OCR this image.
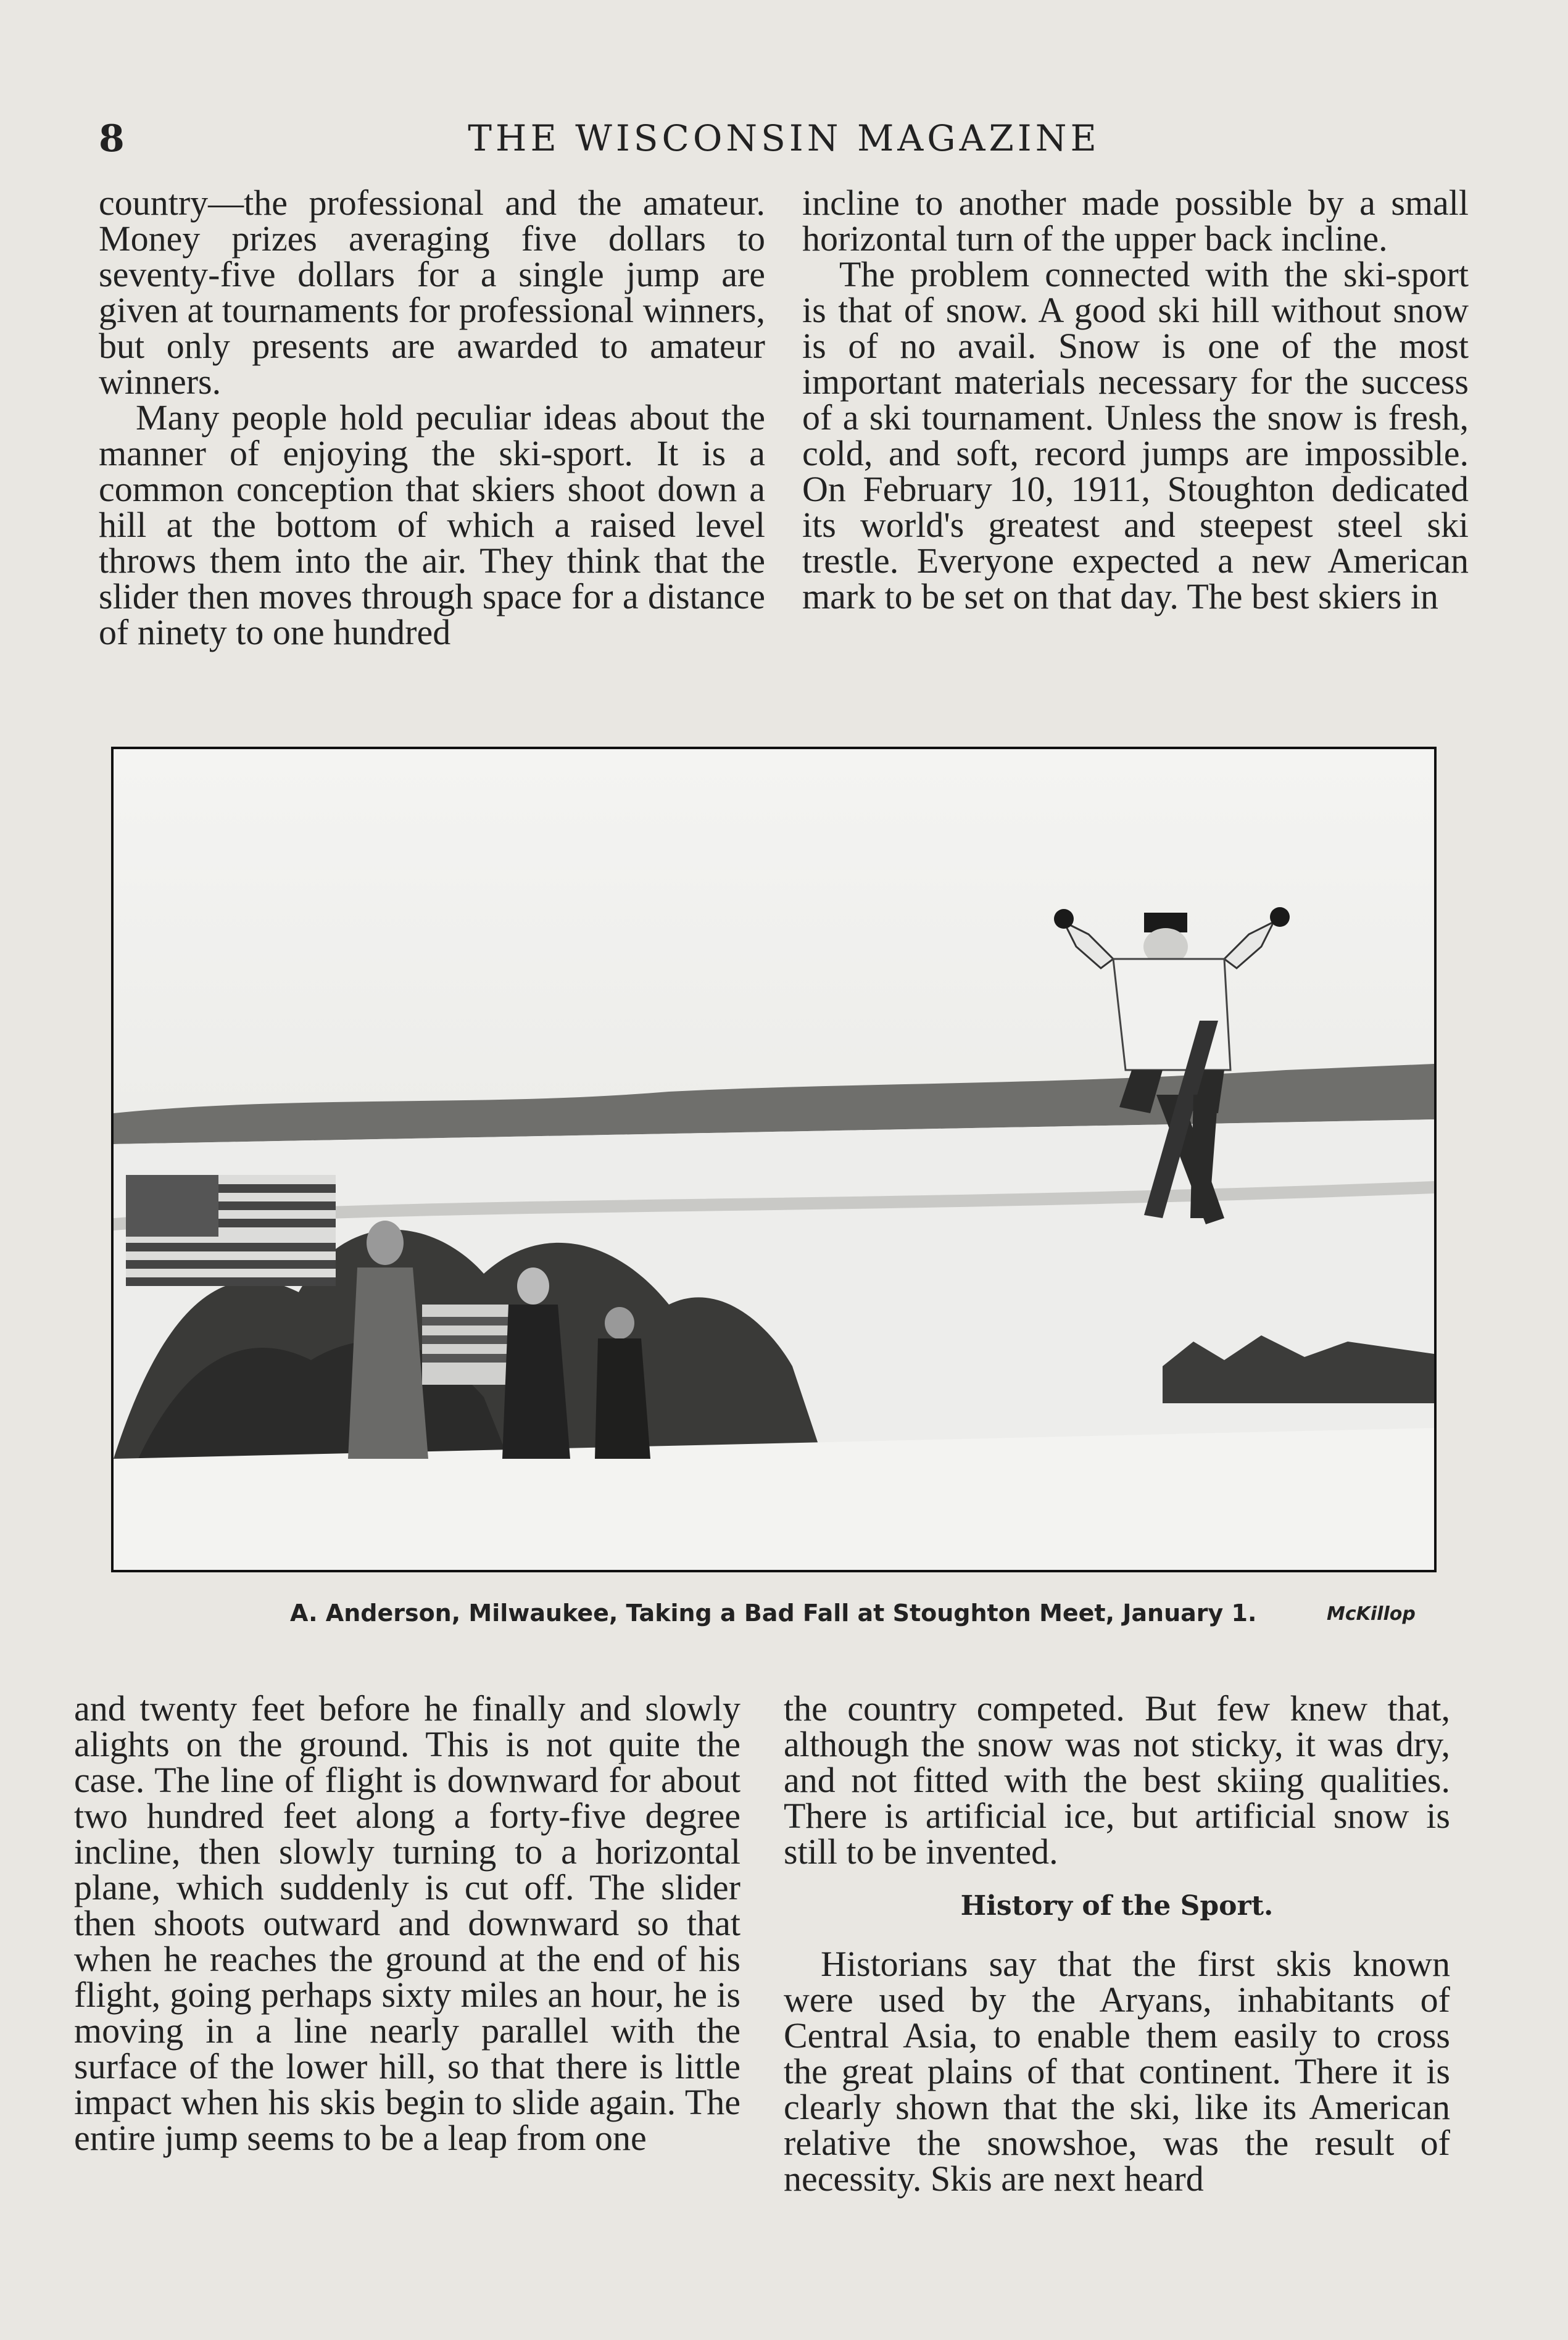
8	THE WISCONSIN MAGAZINE

country—the professional and the amateur. Money prizes averaging five dollars to seventy-five dollars for a single jump are given at tournaments for professional winners, but only presents are awarded to amateur winners.

Many people hold peculiar ideas about the manner of enjoying the ski-sport. It is a common conception that skiers shoot down a hill at the bottom of which a raised level throws them into the air. They think that the slider then moves through space for a distance of ninety to one hundred

incline to another made possible by a small horizontal turn of the upper back incline.

The problem connected with the ski-sport is that of snow. A good ski hill without snow is of no avail. Snow is one of the most important materials necessary for the success of a ski tournament. Unless the snow is fresh, cold, and soft, record jumps are impossible. On February 10, 1911, Stoughton dedicated its world's greatest and steepest steel ski trestle. Everyone expected a new American mark to be set on that day. The best skiers in

A. Anderson, Milwaukee, Taking a Bad Fall at Stoughton Meet, January 1.	McKillop

and twenty feet before he finally and slowly alights on the ground. This is not quite the case. The line of flight is downward for about two hundred feet along a forty-five degree incline, then slowly turning to a horizontal plane, which suddenly is cut off. The slider then shoots outward and downward so that when he reaches the ground at the end of his flight, going perhaps sixty miles an hour, he is moving in a line nearly parallel with the surface of the lower hill, so that there is little impact when his skis begin to slide again. The entire jump seems to be a leap from one

the country competed. But few knew that, although the snow was not sticky, it was dry, and not fitted with the best skiing qualities. There is artificial ice, but artificial snow is still to be invented.

History of the Sport.

Historians say that the first skis known were used by the Aryans, inhabitants of Central Asia, to enable them easily to cross the great plains of that continent. There it is clearly shown that the ski, like its American relative the snowshoe, was the result of necessity. Skis are next heard
